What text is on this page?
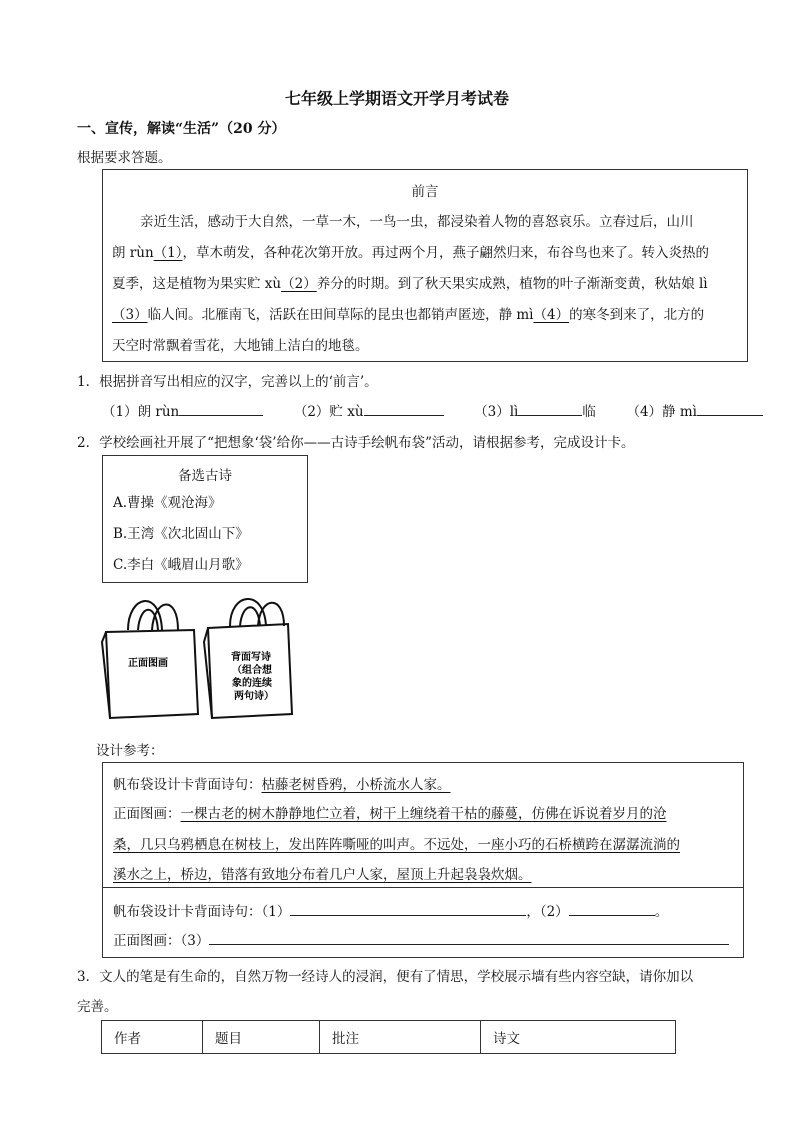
七年级上学期语文开学月考试卷
一、宣传，解读“生活”（20 分）
根据要求答题。
前言
亲近生活，感动于大自然，一草一木，一鸟一虫，都浸染着人物的喜怒哀乐。立春过后，山川
朗 rùn（1），草木萌发，各种花次第开放。再过两个月，燕子翩然归来，布谷鸟也来了。转入炎热的
夏季，这是植物为果实贮 xù（2）养分的时期。到了秋天果实成熟，植物的叶子渐渐变黄，秋姑娘 lì
（3）临人间。北雁南飞，活跃在田间草际的昆虫也都销声匿迹，静 mì（4）的寒冬到来了，北方的
天空时常飘着雪花，大地铺上洁白的地毯。
1．根据拼音写出相应的汉字，完善以上的‘前言’。
（1）朗 rùn	（2）贮 xù	（3）lì	临 （4）静 mì
2．学校绘画社开展了“把想象‘袋’给你——古诗手绘帆布袋”活动，请根据参考，完成设计卡。
备选古诗
A.曹操《观沧海》
B.王湾《次北固山下》
C.李白《峨眉山月歌》
正面图画
背面写诗
（组合想
象的连续
两句诗）
设计参考：
帆布袋设计卡背面诗句：枯藤老树昏鸦，小桥流水人家。
正面图画：一棵古老的树木静静地伫立着，树干上缠绕着干枯的藤蔓，仿佛在诉说着岁月的沧
桑，几只乌鸦栖息在树枝上，发出阵阵嘶哑的叫声。不远处，一座小巧的石桥横跨在潺潺流淌的
溪水之上，桥边，错落有致地分布着几户人家，屋顶上升起袅袅炊烟。
帆布袋设计卡背面诗句：（1）	，（2）	。
正面图画：（3）
3．文人的笔是有生命的，自然万物一经诗人的浸润，便有了情思，学校展示墙有些内容空缺，请你加以
完善。
作者	题目	批注	诗文
